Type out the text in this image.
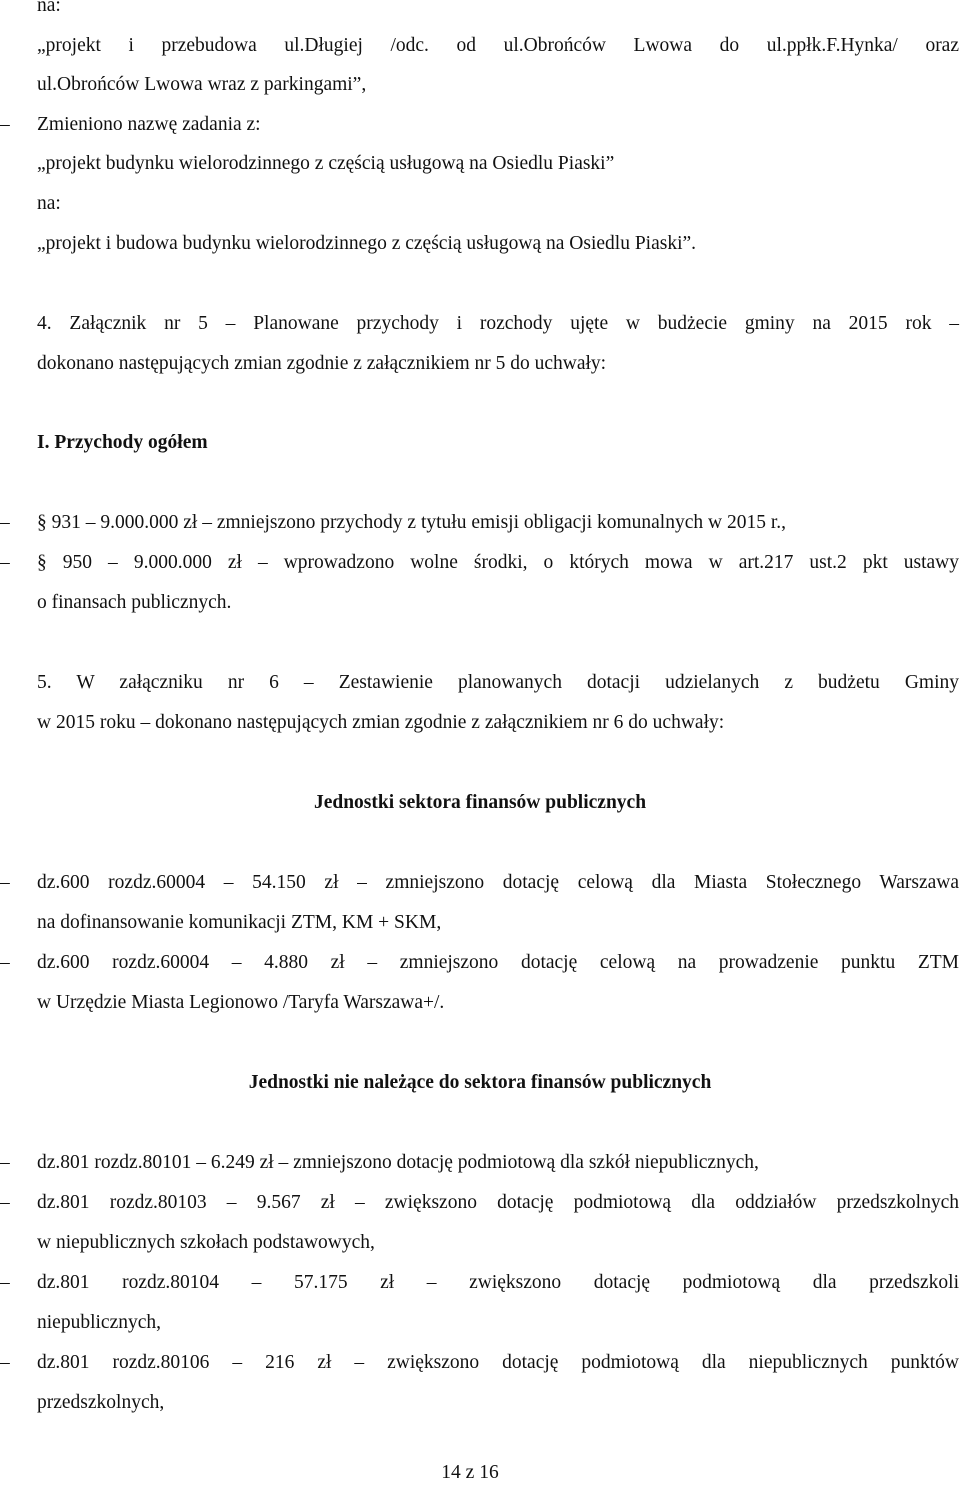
na:
„projekt i przebudowa ul.Długiej /odc. od ul.Obrońców Lwowa do ul.ppłk.F.Hynka/ oraz
ul.Obrońców Lwowa wraz z parkingami”,
– Zmieniono nazwę zadania z:
„projekt budynku wielorodzinnego z częścią usługową na Osiedlu Piaski”
na:
„projekt i budowa budynku wielorodzinnego z częścią usługową na Osiedlu Piaski”.
4. Załącznik nr 5 – Planowane przychody i rozchody ujęte w budżecie gminy na 2015 rok –
dokonano następujących zmian zgodnie z załącznikiem nr 5 do uchwały:
I. Przychody ogółem
– § 931 – 9.000.000 zł – zmniejszono przychody z tytułu emisji obligacji komunalnych w 2015 r.,
– § 950 – 9.000.000 zł – wprowadzono wolne środki, o których mowa w art.217 ust.2 pkt ustawy
o finansach publicznych.
5. W załączniku nr 6 – Zestawienie planowanych dotacji udzielanych z budżetu Gminy
w 2015 roku – dokonano następujących zmian zgodnie z załącznikiem nr 6 do uchwały:
Jednostki sektora finansów publicznych
– dz.600 rozdz.60004 – 54.150 zł – zmniejszono dotację celową dla Miasta Stołecznego Warszawa
na dofinansowanie komunikacji ZTM, KM + SKM,
– dz.600 rozdz.60004 – 4.880 zł – zmniejszono dotację celową na prowadzenie punktu ZTM
w Urzędzie Miasta Legionowo /Taryfa Warszawa+/.
Jednostki nie należące do sektora finansów publicznych
– dz.801 rozdz.80101 – 6.249 zł – zmniejszono dotację podmiotową dla szkół niepublicznych,
– dz.801 rozdz.80103 – 9.567 zł – zwiększono dotację podmiotową dla oddziałów przedszkolnych
w niepublicznych szkołach podstawowych,
– dz.801 rozdz.80104 – 57.175 zł – zwiększono dotację podmiotową dla przedszkoli
niepublicznych,
– dz.801 rozdz.80106 – 216 zł – zwiększono dotację podmiotową dla niepublicznych punktów
przedszkolnych,
14 z 16
